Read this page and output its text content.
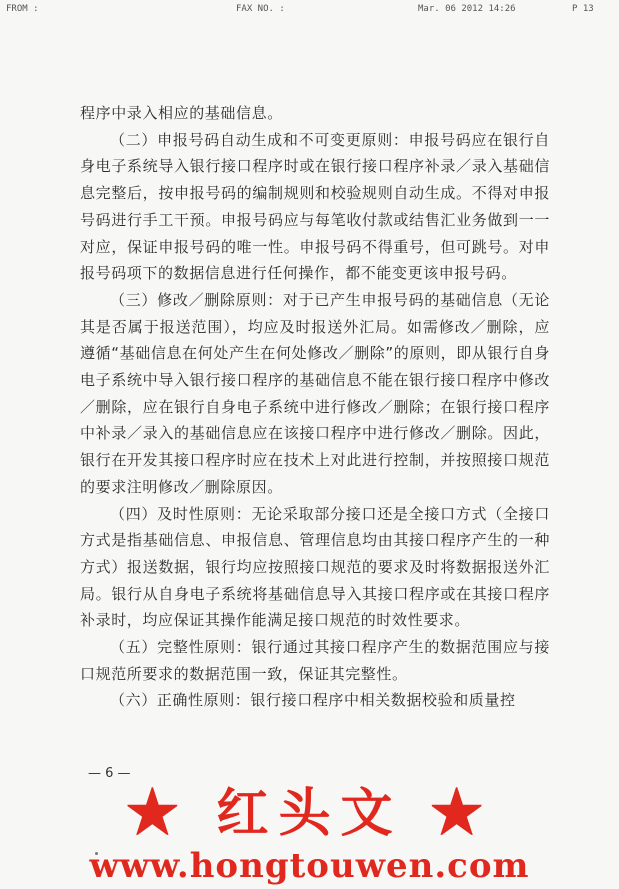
FROM :	FAX NO. :	Mar. 06 2012 14:26	P 13

程序中录入相应的基础信息。

（二）申报号码自动生成和不可变更原则：申报号码应在银行自身电子系统导入银行接口程序时或在银行接口程序补录／录入基础信息完整后，按申报号码的编制规则和校验规则自动生成。不得对申报号码进行手工干预。申报号码应与每笔收付款或结售汇业务做到一一对应，保证申报号码的唯一性。申报号码不得重号，但可跳号。对申报号码项下的数据信息进行任何操作，都不能变更该申报号码。

（三）修改／删除原则：对于已产生申报号码的基础信息（无论其是否属于报送范围），均应及时报送外汇局。如需修改／删除，应遵循“基础信息在何处产生在何处修改／删除”的原则，即从银行自身电子系统中导入银行接口程序的基础信息不能在银行接口程序中修改／删除，应在银行自身电子系统中进行修改／删除；在银行接口程序中补录／录入的基础信息应在该接口程序中进行修改／删除。因此，银行在开发其接口程序时应在技术上对此进行控制，并按照接口规范的要求注明修改／删除原因。

（四）及时性原则：无论采取部分接口还是全接口方式（全接口方式是指基础信息、申报信息、管理信息均由其接口程序产生的一种方式）报送数据，银行均应按照接口规范的要求及时将数据报送外汇局。银行从自身电子系统将基础信息导入其接口程序或在其接口程序补录时，均应保证其操作能满足接口规范的时效性要求。

（五）完整性原则：银行通过其接口程序产生的数据范围应与接口规范所要求的数据范围一致，保证其完整性。

（六）正确性原则：银行接口程序中相关数据校验和质量控

— 6 —
★ 红头文 ★
www.hongtouwen.com
